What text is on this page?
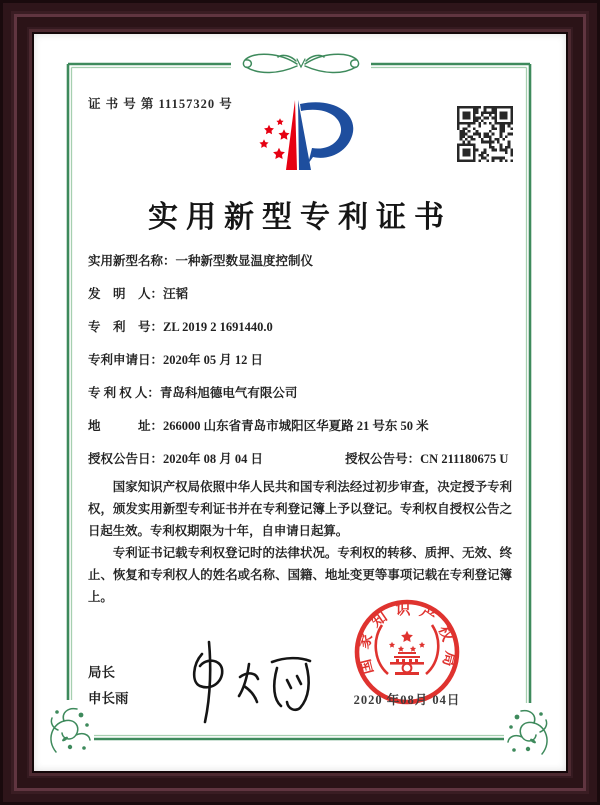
证 书 号 第 11157320 号
实用新型专利证书
实用新型名称：一种新型数显温度控制仪
发　明　人：汪韬
专　利　号：ZL 2019 2 1691440.0
专利申请日：2020年 05 月 12 日
专 利 权 人：青岛科旭德电气有限公司
地　　　址：266000 山东省青岛市城阳区华夏路 21 号东 50 米
授权公告日：2020年 08 月 04 日	授权公告号：CN 211180675 U

国家知识产权局依照中华人民共和国专利法经过初步审查，决定授予专利权，颁发实用新型专利证书并在专利登记簿上予以登记。专利权自授权公告之日起生效。专利权期限为十年，自申请日起算。

专利证书记载专利权登记时的法律状况。专利权的转移、质押、无效、终止、恢复和专利权人的姓名或名称、国籍、地址变更等事项记载在专利登记簿上。

局长
申长雨
国家知识产权局
2020 年08月 04日
